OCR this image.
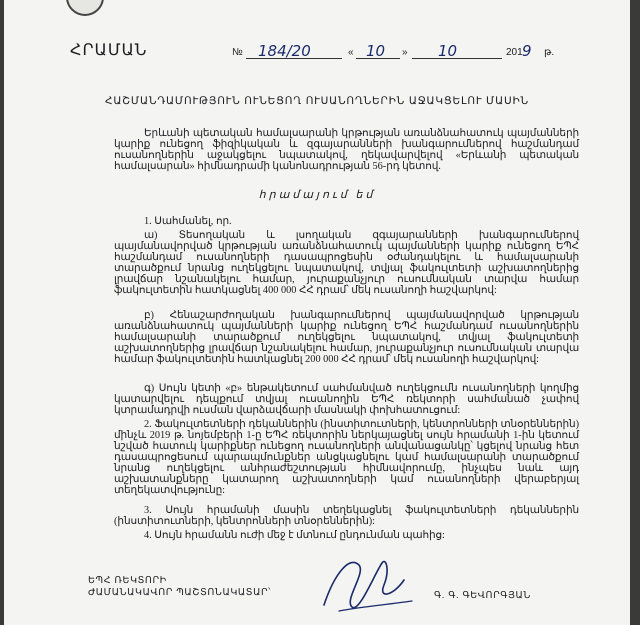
ՀՐԱՄԱՆ	№ 184/20	« 10 » 10	201 9 թ.
ՀԱՇՄԱՆԴԱՄՈՒԹՅՈՒՆ ՈՒՆԵՑՈՂ ՈՒՍԱՆՈՂՆԵՐԻՆ ԱՋԱԿՑԵԼՈՒ ՄԱՍԻՆ
Երևանի պետական համալսարանի կրթության առանձնահատուկ պայմանների կարիք ունեցող ֆիզիկական և զգայարանների խանգարումներով հաշմանդամ ուսանողներին աջակցելու նպատակով, ղեկավարվելով «Երևանի պետական համալսարան» հիմնադրամի կանոնադրության 56-րդ կետով.
հրամայում եմ
1. Սահմանել, որ.
ա) Տեսողական և լսողական զգայարանների խանգարումներով պայմանավորված կրթության առանձնահատուկ պայմանների կարիք ունեցող ԵՊՀ հաշմանդամ ուսանողների դասապրոցեսին օժանդակելու և համալսարանի տարածքում նրանց ուղեկցելու նպատակով, տվյալ ֆակուլտետի աշխատողներից լրավճար նշանակելու համար, յուրաքանչյուր ուսումնական տարվա համար ֆակուլտետին հատկացնել 400 000 ՀՀ դրամ՝ մեկ ուսանողի հաշվարկով:
բ) Հենաշարժողական խանգարումներով պայմանավորված կրթության առանձնահատուկ պայմանների կարիք ունեցող ԵՊՀ հաշմանդամ ուսանողներին համալսարանի տարածքում ուղեկցելու նպատակով, տվյալ ֆակուլտետի աշխատողներից լրավճար նշանակելու համար, յուրաքանչյուր ուսումնական տարվա համար ֆակուլտետին հատկացնել 200 000 ՀՀ դրամ՝ մեկ ուսանողի հաշվարկով:
գ) Սույն կետի «բ» ենթակետում սահմանված ուղեկցումն ուսանողների կողմից կատարվելու դեպքում տվյալ ուսանողին ԵՊՀ ռեկտորի սահմանած չափով կտրամադրվի ուսման վարձավճարի մասնակի փոխհատուցում:
2. Ֆակուլտետների դեկաններին (ինստիտուտների, կենտրոնների տնօրեններին) մինչև 2019 թ. նոյեմբերի 1-ը ԵՊՀ ռեկտորին ներկայացնել սույն հրամանի 1-ին կետում նշված հատուկ կարիքներ ունեցող ուսանողների անվանացանկը՝ կցելով նրանց հետ դասապրոցեսում պարապմունքներ անցկացնելու կամ համալսարանի տարածքում նրանց ուղեկցելու անհրաժեշտության հիմնավորումը, ինչպես նաև այդ աշխատանքները կատարող աշխատողների կամ ուսանողների վերաբերյալ տեղեկատվությունը:
3. Սույն հրամանի մասին տեղեկացնել ֆակուլտետների դեկաններին (ինստիտուտների, կենտրոնների տնօրեններին):
4. Սույն հրամանն ուժի մեջ է մտնում ընդունման պահից:
ԵՊՀ ՌԵԿՏՈՐԻ
ԺԱՄԱՆԱԿԱՎՈՐ ՊԱՇՏՈՆԱԿԱՏԱՐ՝	Գ. Գ. ԳԵՎՈՐԳՅԱՆ
